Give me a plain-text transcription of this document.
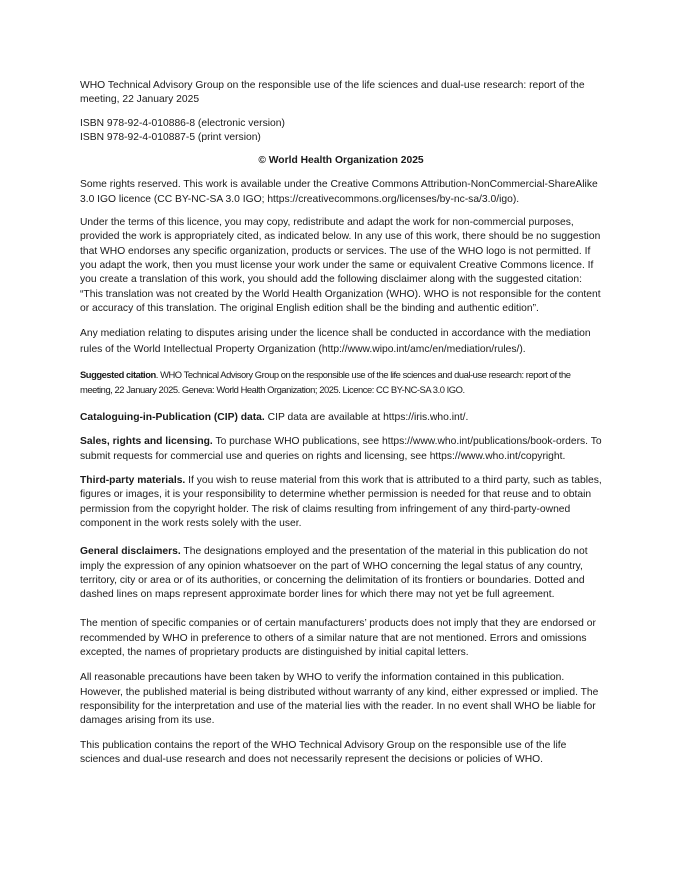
WHO Technical Advisory Group on the responsible use of the life sciences and dual-use research: report of the meeting, 22 January 2025

ISBN 978-92-4-010886-8 (electronic version)

ISBN 978-92-4-010887-5 (print version)

© World Health Organization 2025

Some rights reserved. This work is available under the Creative Commons Attribution-NonCommercial-ShareAlike 3.0 IGO licence (CC BY-NC-SA 3.0 IGO; https://creativecommons.org/licenses/by-nc-sa/3.0/igo).

Under the terms of this licence, you may copy, redistribute and adapt the work for non-commercial purposes, provided the work is appropriately cited, as indicated below. In any use of this work, there should be no suggestion that WHO endorses any specific organization, products or services. The use of the WHO logo is not permitted. If you adapt the work, then you must license your work under the same or equivalent Creative Commons licence. If you create a translation of this work, you should add the following disclaimer along with the suggested citation: “This translation was not created by the World Health Organization (WHO). WHO is not responsible for the content or accuracy of this translation. The original English edition shall be the binding and authentic edition”.

Any mediation relating to disputes arising under the licence shall be conducted in accordance with the mediation rules of the World Intellectual Property Organization (http://www.wipo.int/amc/en/mediation/rules/).

Suggested citation. WHO Technical Advisory Group on the responsible use of the life sciences and dual-use research: report of the meeting, 22 January 2025. Geneva: World Health Organization; 2025. Licence: CC BY-NC-SA 3.0 IGO.

Cataloguing-in-Publication (CIP) data. CIP data are available at https://iris.who.int/.

Sales, rights and licensing. To purchase WHO publications, see https://www.who.int/publications/book-orders. To submit requests for commercial use and queries on rights and licensing, see https://www.who.int/copyright.

Third-party materials. If you wish to reuse material from this work that is attributed to a third party, such as tables, figures or images, it is your responsibility to determine whether permission is needed for that reuse and to obtain permission from the copyright holder. The risk of claims resulting from infringement of any third-party-owned component in the work rests solely with the user.

General disclaimers. The designations employed and the presentation of the material in this publication do not imply the expression of any opinion whatsoever on the part of WHO concerning the legal status of any country, territory, city or area or of its authorities, or concerning the delimitation of its frontiers or boundaries. Dotted and dashed lines on maps represent approximate border lines for which there may not yet be full agreement.

The mention of specific companies or of certain manufacturers’ products does not imply that they are endorsed or recommended by WHO in preference to others of a similar nature that are not mentioned. Errors and omissions excepted, the names of proprietary products are distinguished by initial capital letters.

All reasonable precautions have been taken by WHO to verify the information contained in this publication. However, the published material is being distributed without warranty of any kind, either expressed or implied. The responsibility for the interpretation and use of the material lies with the reader. In no event shall WHO be liable for damages arising from its use.

This publication contains the report of the WHO Technical Advisory Group on the responsible use of the life sciences and dual-use research and does not necessarily represent the decisions or policies of WHO.
